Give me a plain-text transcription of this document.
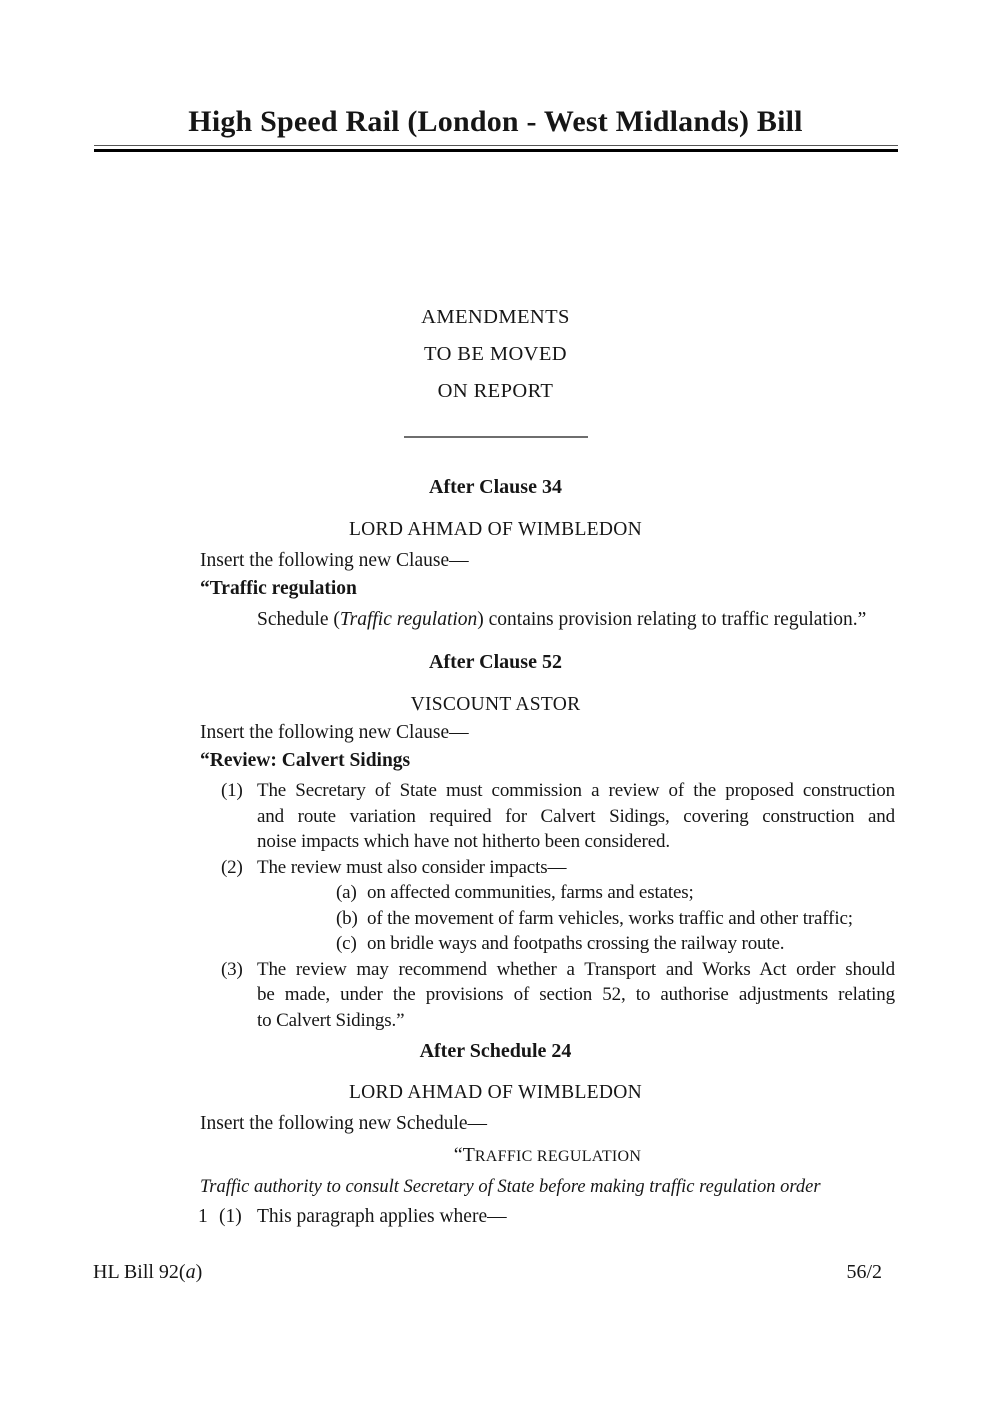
High Speed Rail (London - West Midlands) Bill
AMENDMENTS
TO BE MOVED
ON REPORT
After Clause 34
LORD AHMAD OF WIMBLEDON
Insert the following new Clause—
“Traffic regulation
Schedule (Traffic regulation) contains provision relating to traffic regulation.”
After Clause 52
VISCOUNT ASTOR
Insert the following new Clause—
“Review: Calvert Sidings
(1) The Secretary of State must commission a review of the proposed construction
and route variation required for Calvert Sidings, covering construction and
noise impacts which have not hitherto been considered.
(2) The review must also consider impacts—
(a) on affected communities, farms and estates;
(b) of the movement of farm vehicles, works traffic and other traffic;
(c) on bridle ways and footpaths crossing the railway route.
(3) The review may recommend whether a Transport and Works Act order should
be made, under the provisions of section 52, to authorise adjustments relating
to Calvert Sidings.”
After Schedule 24
LORD AHMAD OF WIMBLEDON
Insert the following new Schedule—
“TRAFFIC REGULATION
Traffic authority to consult Secretary of State before making traffic regulation order
1 (1) This paragraph applies where—
HL Bill 92(a)	56/2
